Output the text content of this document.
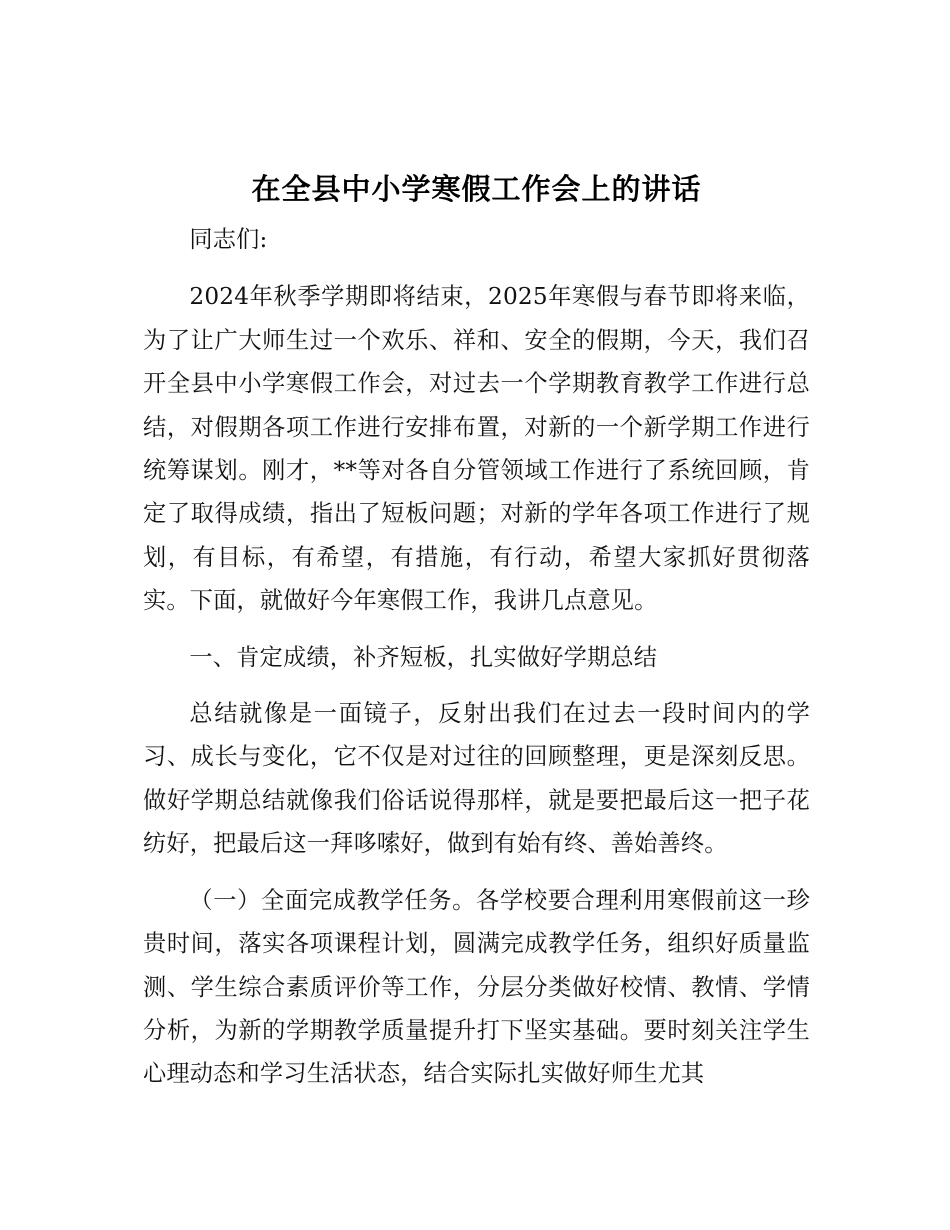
在全县中小学寒假工作会上的讲话

同志们:

2024年秋季学期即将结束，2025年寒假与春节即将来临，为了让广大师生过一个欢乐、祥和、安全的假期，今天，我们召开全县中小学寒假工作会，对过去一个学期教育教学工作进行总结，对假期各项工作进行安排布置，对新的一个新学期工作进行统筹谋划。刚才，**等对各自分管领域工作进行了系统回顾，肯定了取得成绩，指出了短板问题；对新的学年各项工作进行了规划，有目标，有希望，有措施，有行动，希望大家抓好贯彻落实。下面，就做好今年寒假工作，我讲几点意见。

一、肯定成绩，补齐短板，扎实做好学期总结

总结就像是一面镜子，反射出我们在过去一段时间内的学习、成长与变化，它不仅是对过往的回顾整理，更是深刻反思。做好学期总结就像我们俗话说得那样，就是要把最后这一把子花纺好，把最后这一拜哆嗦好，做到有始有终、善始善终。

（一）全面完成教学任务。各学校要合理利用寒假前这一珍贵时间，落实各项课程计划，圆满完成教学任务，组织好质量监测、学生综合素质评价等工作，分层分类做好校情、教情、学情分析，为新的学期教学质量提升打下坚实基础。要时刻关注学生心理动态和学习生活状态，结合实际扎实做好师生尤其
